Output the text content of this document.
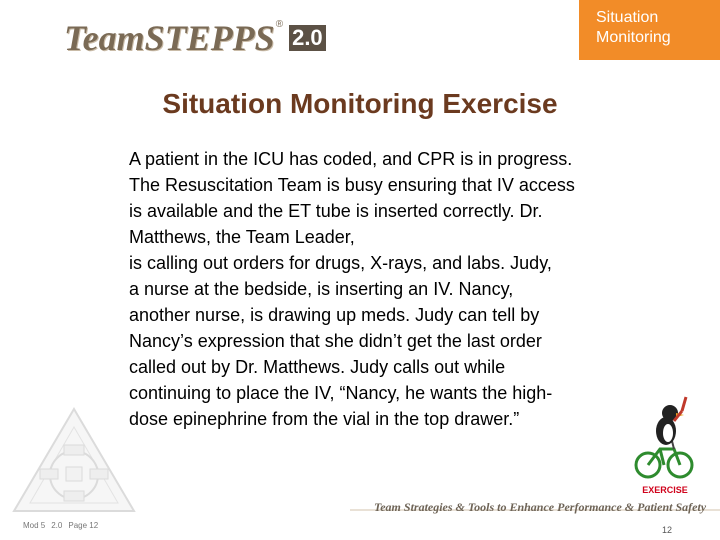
TeamSTEPPS ®
2.0
Situation
Monitoring
Situation Monitoring Exercise
A patient in the ICU has coded, and CPR is in progress.
The Resuscitation Team is busy ensuring that IV access
is available and the ET tube is inserted correctly. Dr.
Matthews, the Team Leader,
is calling out orders for drugs, X-rays, and labs. Judy,
a nurse at the bedside, is inserting an IV. Nancy,
another nurse, is drawing up meds. Judy can tell by
Nancy’s expression that she didn’t get the last order
called out by Dr. Matthews. Judy calls out while
continuing to place the IV, “Nancy, he wants the high-
dose epinephrine from the vial in the top drawer.”
EXERCISE
Mod 5 2.0 Page 12
Team Strategies & Tools to Enhance Performance & Patient Safety
12
